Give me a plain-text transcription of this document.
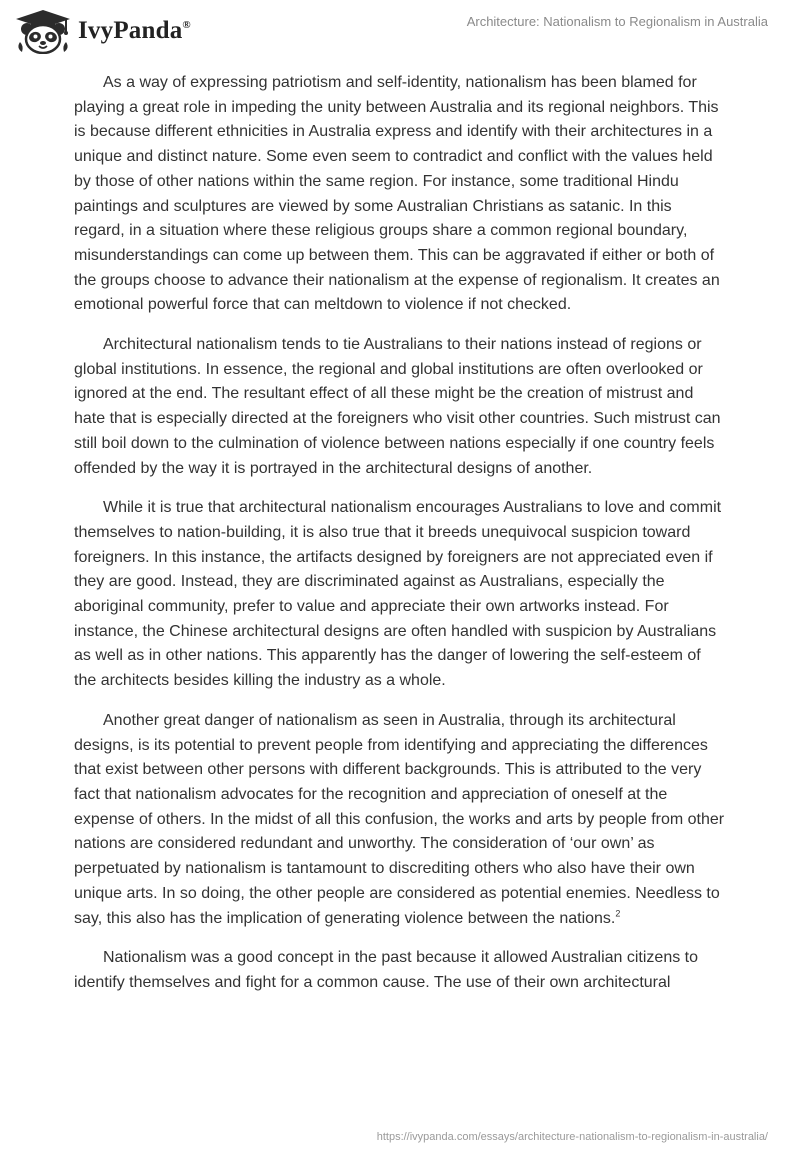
IvyPanda®	Architecture: Nationalism to Regionalism in Australia

As a way of expressing patriotism and self-identity, nationalism has been blamed for playing a great role in impeding the unity between Australia and its regional neighbors. This is because different ethnicities in Australia express and identify with their architectures in a unique and distinct nature. Some even seem to contradict and conflict with the values held by those of other nations within the same region. For instance, some traditional Hindu paintings and sculptures are viewed by some Australian Christians as satanic. In this regard, in a situation where these religious groups share a common regional boundary, misunderstandings can come up between them. This can be aggravated if either or both of the groups choose to advance their nationalism at the expense of regionalism. It creates an emotional powerful force that can meltdown to violence if not checked.

Architectural nationalism tends to tie Australians to their nations instead of regions or global institutions. In essence, the regional and global institutions are often overlooked or ignored at the end. The resultant effect of all these might be the creation of mistrust and hate that is especially directed at the foreigners who visit other countries. Such mistrust can still boil down to the culmination of violence between nations especially if one country feels offended by the way it is portrayed in the architectural designs of another.

While it is true that architectural nationalism encourages Australians to love and commit themselves to nation-building, it is also true that it breeds unequivocal suspicion toward foreigners. In this instance, the artifacts designed by foreigners are not appreciated even if they are good. Instead, they are discriminated against as Australians, especially the aboriginal community, prefer to value and appreciate their own artworks instead. For instance, the Chinese architectural designs are often handled with suspicion by Australians as well as in other nations. This apparently has the danger of lowering the self-esteem of the architects besides killing the industry as a whole.

Another great danger of nationalism as seen in Australia, through its architectural designs, is its potential to prevent people from identifying and appreciating the differences that exist between other persons with different backgrounds. This is attributed to the very fact that nationalism advocates for the recognition and appreciation of oneself at the expense of others. In the midst of all this confusion, the works and arts by people from other nations are considered redundant and unworthy. The consideration of ‘our own’ as perpetuated by nationalism is tantamount to discrediting others who also have their own unique arts. In so doing, the other people are considered as potential enemies. Needless to say, this also has the implication of generating violence between the nations.$^2$

Nationalism was a good concept in the past because it allowed Australian citizens to identify themselves and fight for a common cause. The use of their own architectural

https://ivypanda.com/essays/architecture-nationalism-to-regionalism-in-australia/
